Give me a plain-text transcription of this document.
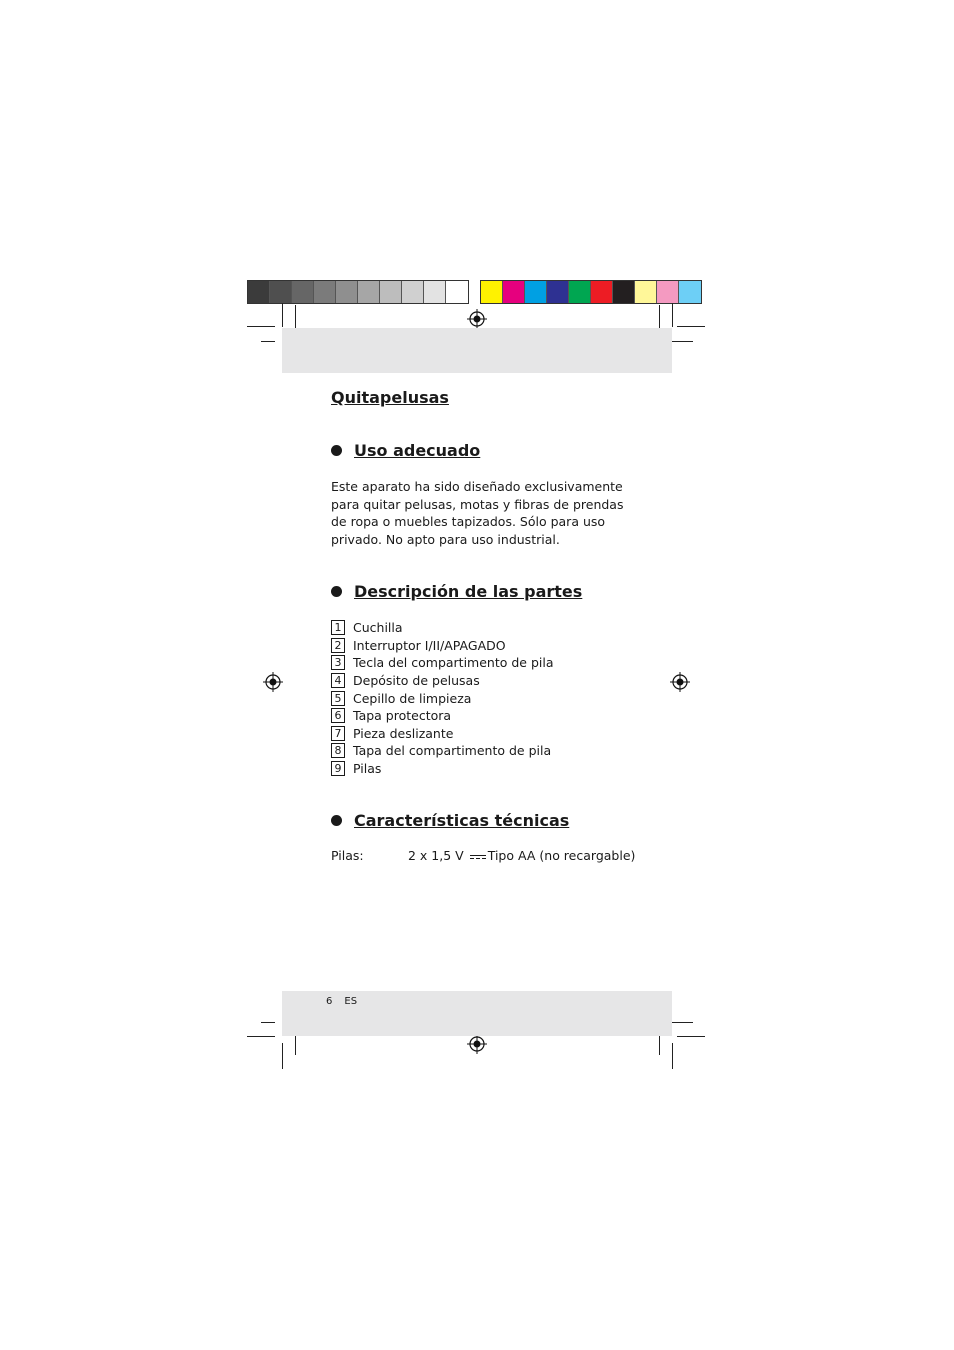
Quitapelusas
Uso adecuado

Este aparato ha sido diseñado exclusivamente para quitar pelusas, motas y fibras de prendas de ropa o muebles tapizados. Sólo para uso privado. No apto para uso industrial.

Descripción de las partes
1 Cuchilla
2 Interruptor I/II/APAGADO
3 Tecla del compartimento de pila
4 Depósito de pelusas
5 Cepillo de limpieza
6 Tapa protectora
7 Pieza deslizante
8 Tapa del compartimento de pila
9 Pilas
Características técnicas
Pilas:	2 x 1,5 V Tipo AA (no recargable)
6 ES
